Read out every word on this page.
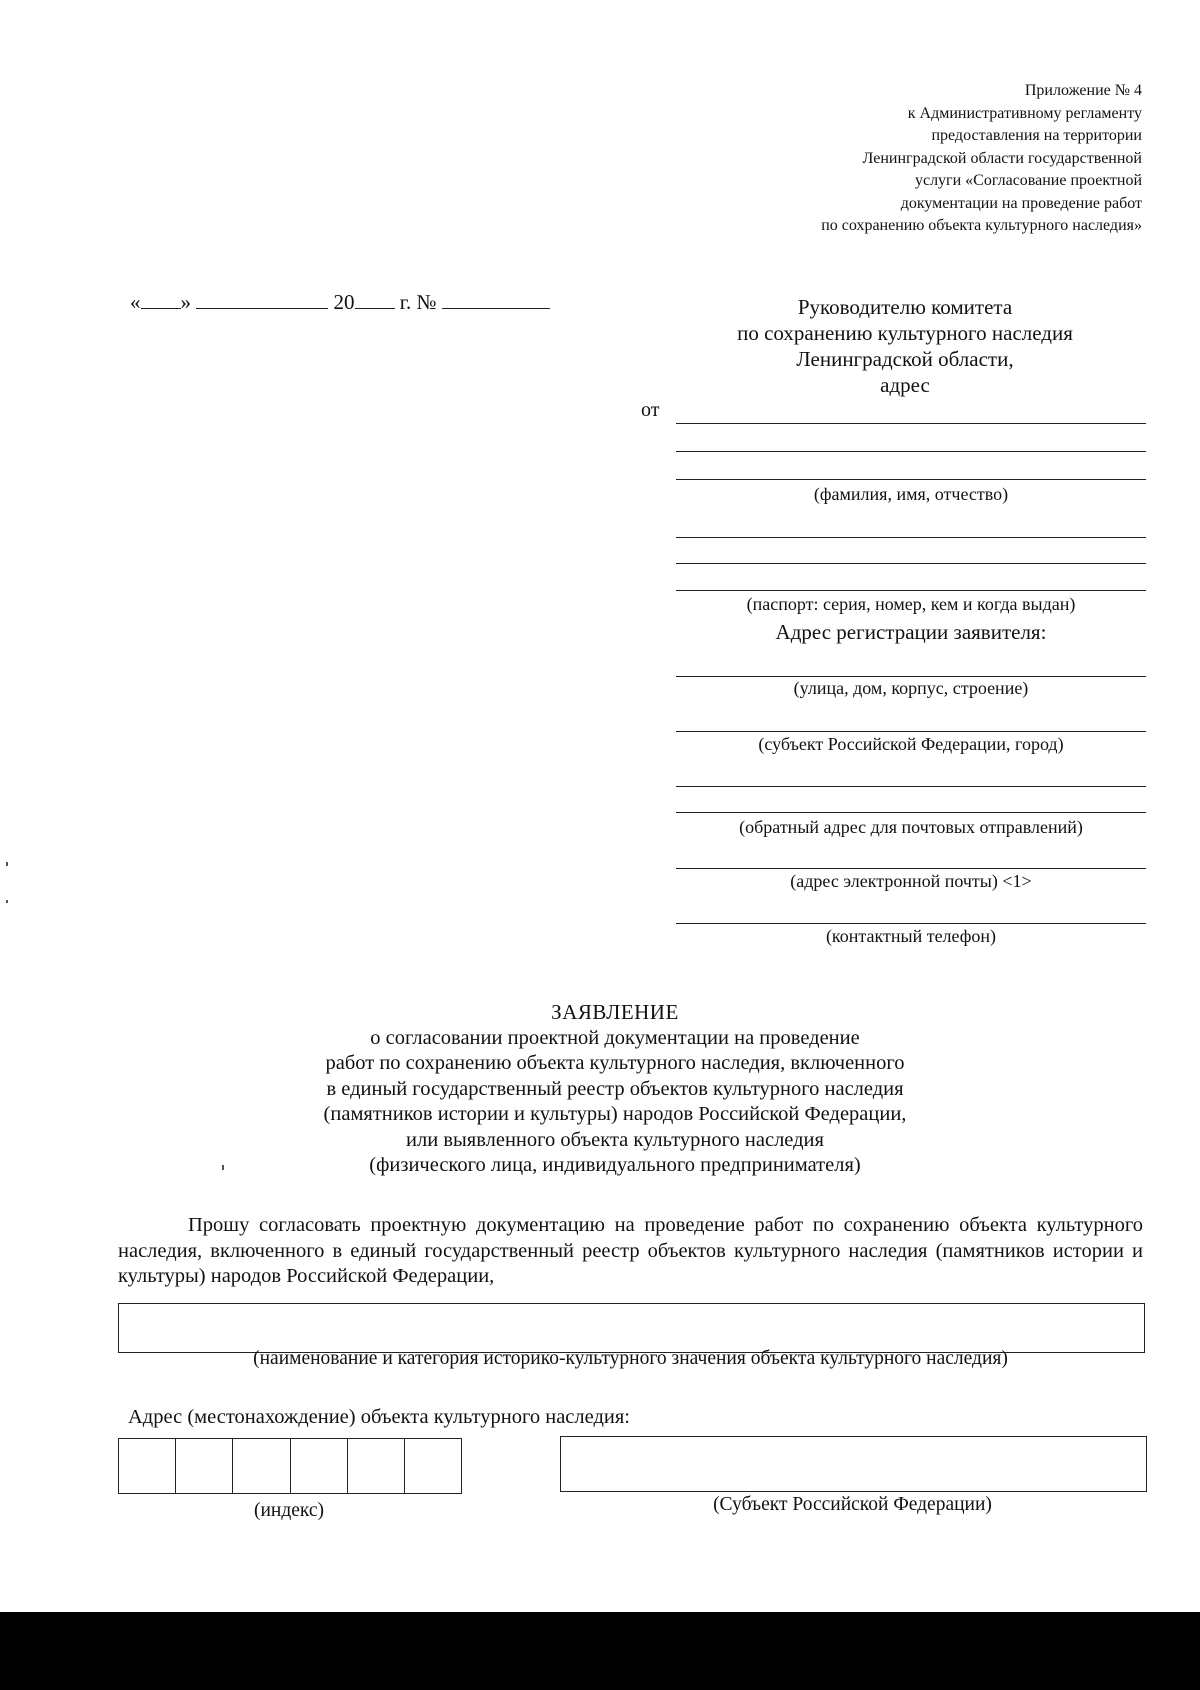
Приложение № 4
к Административному регламенту
предоставления на территории
Ленинградской области государственной
услуги «Согласование проектной
документации на проведение работ
по сохранению объекта культурного наследия»
« »	20 г. №	Руководителю комитета
по сохранению культурного наследия
Ленинградской области,
адрес
от
(фамилия, имя, отчество)
(паспорт: серия, номер, кем и когда выдан)
Адрес регистрации заявителя:
(улица, дом, корпус, строение)
(субъект Российской Федерации, город)
(обратный адрес для почтовых отправлений)
(адрес электронной почты) <1>
(контактный телефон)
ЗАЯВЛЕНИЕ
о согласовании проектной документации на проведение
работ по сохранению объекта культурного наследия, включенного
в единый государственный реестр объектов культурного наследия
(памятников истории и культуры) народов Российской Федерации,
или выявленного объекта культурного наследия
(физического лица, индивидуального предпринимателя)
Прошу согласовать проектную документацию на проведение работ по сохранению объекта культурного наследия, включенного в единый государственный реестр объектов культурного наследия (памятников истории и культуры) народов Российской Федерации,
(наименование и категория историко-культурного значения объекта культурного наследия)
Адрес (местонахождение) объекта культурного наследия:
(индекс)	(Субъект Российской Федерации)
